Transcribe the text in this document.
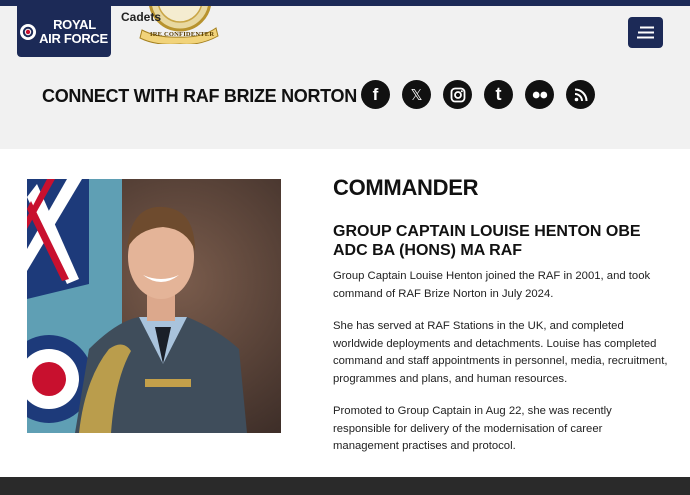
ROYAL
AIR FORCE
Cadets
IRE CONFIDENTER
CONNECT WITH RAF BRIZE NORTON f 𝕏	t
COMMANDER
GROUP CAPTAIN LOUISE HENTON OBE ADC BA (HONS) MA RAF

Group Captain Louise Henton joined the RAF in 2001, and took command of RAF Brize Norton in July 2024.

She has served at RAF Stations in the UK, and completed worldwide deployments and detachments. Louise has completed command and staff appointments in personnel, media, recruitment, programmes and plans, and human resources.

Promoted to Group Captain in Aug 22, she was recently responsible for delivery of the modernisation of career management practises and protocol.
